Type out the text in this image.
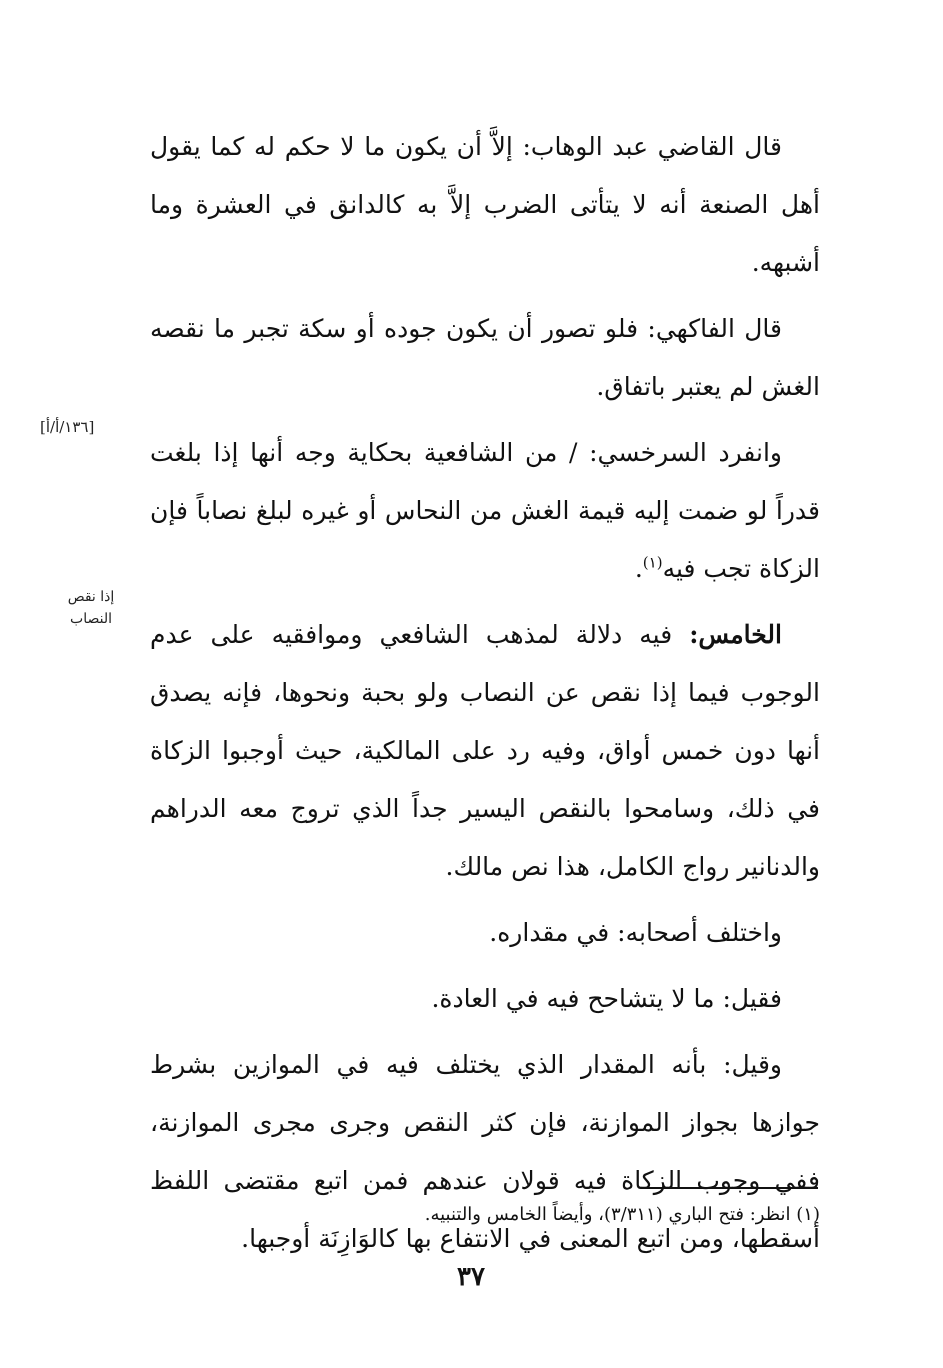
قال القاضي عبد الوهاب: إلاَّ أن يكون ما لا حكم له كما يقول أهل الصنعة أنه لا يتأتى الضرب إلاَّ به كالدانق في العشرة وما أشبهه.

قال الفاكهي: فلو تصور أن يكون جوده أو سكة تجبر ما نقصه الغش لم يعتبر باتفاق.

وانفرد السرخسي: / من الشافعية بحكاية وجه أنها إذا بلغت قدراً لو ضمت إليه قيمة الغش من النحاس أو غيره لبلغ نصاباً فإن الزكاة تجب فيه$^{(١)}$.

الخامس: فيه دلالة لمذهب الشافعي وموافقيه على عدم الوجوب فيما إذا نقص عن النصاب ولو بحبة ونحوها، فإنه يصدق أنها دون خمس أواق، وفيه رد على المالكية، حيث أوجبوا الزكاة في ذلك، وسامحوا بالنقص اليسير جداً الذي تروج معه الدراهم والدنانير رواج الكامل، هذا نص مالك.

واختلف أصحابه: في مقداره.

فقيل: ما لا يتشاحح فيه في العادة.

وقيل: بأنه المقدار الذي يختلف فيه في الموازين بشرط جوازها بجواز الموازنة، فإن كثر النقص وجرى مجرى الموازنة، ففي وجوب الزكاة فيه قولان عندهم فمن اتبع مقتضى اللفظ أسقطها، ومن اتبع المعنى في الانتفاع بها كالوَازِنَة أوجبها.

[١٣٦/أ/أ]
إذا نقص النصاب
(١) انظر: فتح الباري (٣/٣١١)، وأيضاً الخامس والتنبيه.
٣٧
